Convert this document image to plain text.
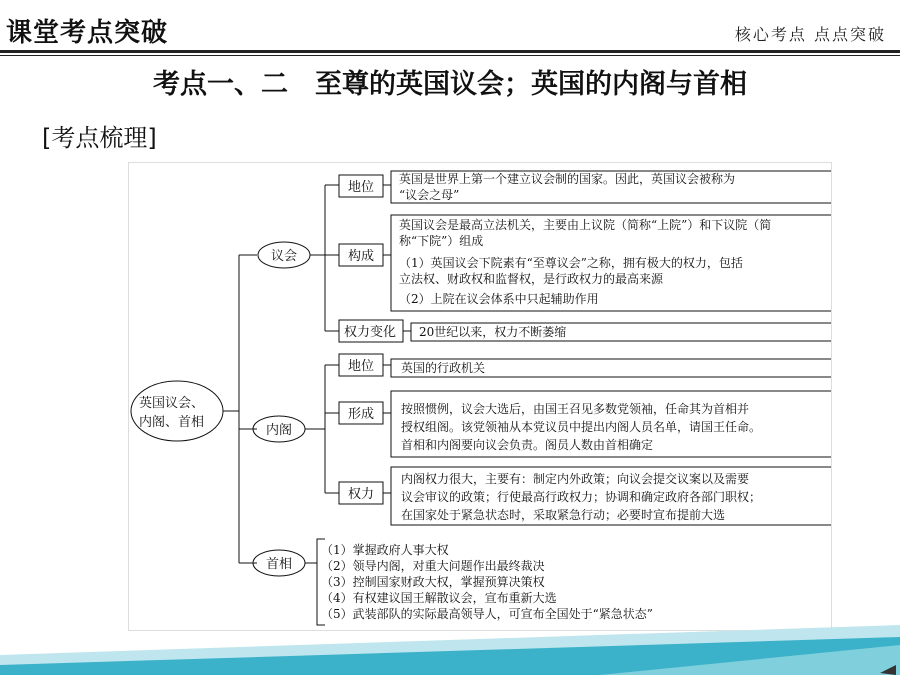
课堂考点突破	核心考点 点点突破
考点一、二　至尊的英国议会；英国的内阁与首相
[考点梳理]
英国议会、
内阁、首相
议会
地位
构成
权力变化
英国是世界上第一个建立议会制的国家。因此，英国议会被称为
“议会之母”
英国议会是最高立法机关，主要由上议院（简称“上院”）和下议院（简
称“下院”）组成
（1）英国议会下院素有“至尊议会”之称，拥有极大的权力，包括
立法权、财政权和监督权，是行政权力的最高来源
（2）上院在议会体系中只起辅助作用
20世纪以来，权力不断萎缩
内阁
地位
形成
权力
英国的行政机关
按照惯例，议会大选后，由国王召见多数党领袖，任命其为首相并
授权组阁。该党领袖从本党议员中提出内阁人员名单，请国王任命。
首相和内阁要向议会负责。阁员人数由首相确定
内阁权力很大，主要有：制定内外政策；向议会提交议案以及需要
议会审议的政策；行使最高行政权力；协调和确定政府各部门职权；
在国家处于紧急状态时，采取紧急行动；必要时宣布提前大选
首相
（1）掌握政府人事大权
（2）领导内阁，对重大问题作出最终裁决
（3）控制国家财政大权，掌握预算决策权
（4）有权建议国王解散议会，宣布重新大选
（5）武装部队的实际最高领导人，可宣布全国处于“紧急状态”
